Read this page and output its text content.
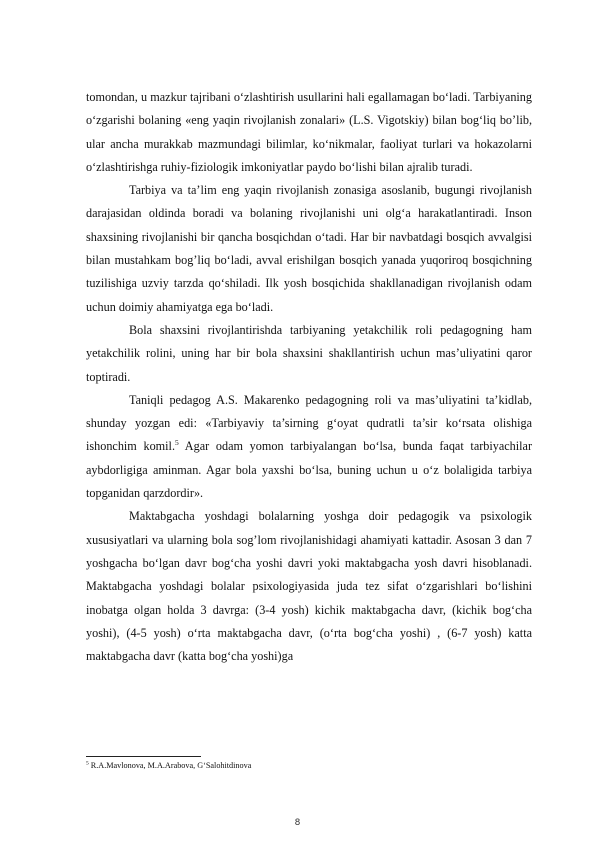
tomondan, u mazkur tajribani o‘zlashtirish usullarini hali egallamagan bo‘ladi. Tarbiyaning o‘zgarishi bolaning «eng yaqin rivojlanish zonalari» (L.S. Vigotskiy) bilan bog‘liq bo’lib, ular ancha murakkab mazmundagi bilimlar, ko‘nikmalar, faoliyat turlari va hokazolarni o‘zlashtirishga ruhiy-fiziologik imkoniyatlar paydo bo‘lishi bilan ajralib turadi.

Tarbiya va ta’lim eng yaqin rivojlanish zonasiga asoslanib, bugungi rivojlanish darajasidan oldinda boradi va bolaning rivojlanishi uni olg‘a harakatlantiradi. Inson shaxsining rivojlanishi bir qancha bosqichdan o‘tadi. Har bir navbatdagi bosqich avvalgisi bilan mustahkam bog’liq bo‘ladi, avval erishilgan bosqich yanada yuqoriroq bosqichning tuzilishiga uzviy tarzda qo‘shiladi. Ilk yosh bosqichida shakllanadigan rivojlanish odam uchun doimiy ahamiyatga ega bo‘ladi.

Bola shaxsini rivojlantirishda tarbiyaning yetakchilik roli pedagogning ham yetakchilik rolini, uning har bir bola shaxsini shakllantirish uchun mas’uliyatini qaror toptiradi.

Taniqli pedagog A.S. Makarenko pedagogning roli va mas’uliyatini ta’kidlab, shunday yozgan edi: «Tarbiyaviy ta’sirning g‘oyat qudratli ta’sir ko‘rsata olishiga ishonchim komil.$^5$ Agar odam yomon tarbiyalangan bo‘lsa, bunda faqat tarbiyachilar aybdorligiga aminman. Agar bola yaxshi bo‘lsa, buning uchun u o‘z bolaligida tarbiya topganidan qarzdordir».

Maktabgacha yoshdagi bolalarning yoshga doir pedagogik va psixologik xususiyatlari va ularning bola sog’lom rivojlanishidagi ahamiyati kattadir. Asosan 3 dan 7 yoshgacha bo‘lgan davr bog‘cha yoshi davri yoki maktabgacha yosh davri hisoblanadi. Maktabgacha yoshdagi bolalar psixologiyasida juda tez sifat o‘zgarishlari bo‘lishini inobatga olgan holda 3 davrga: (3-4 yosh) kichik maktabgacha davr, (kichik bog‘cha yoshi), (4-5 yosh) o‘rta maktabgacha davr, (o‘rta bog‘cha yoshi) , (6-7 yosh) katta maktabgacha davr (katta bog‘cha yoshi)ga

$^5$ R.A.Mavlonova, M.A.Arabova, G‘Salohitdinova
8
